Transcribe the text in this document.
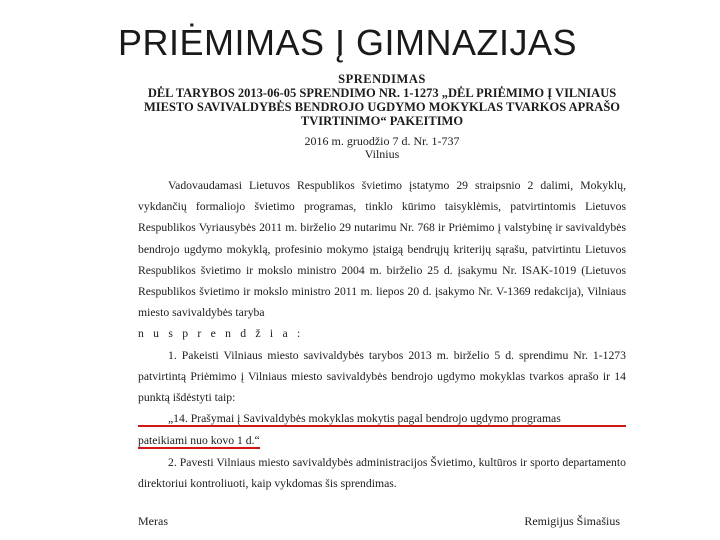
PRIĖMIMAS Į GIMNAZIJAS
SPRENDIMAS
DĖL TARYBOS 2013-06-05 SPRENDIMO NR. 1-1273 „DĖL PRIĖMIMO Į VILNIAUS
MIESTO SAVIVALDYBĖS BENDROJO UGDYMO MOKYKLAS TVARKOS APRAŠO
TVIRTINIMO“ PAKEITIMO
2016 m. gruodžio 7 d. Nr. 1-737
Vilnius

Vadovaudamasi Lietuvos Respublikos švietimo įstatymo 29 straipsnio 2 dalimi, Mokyklų, vykdančių formaliojo švietimo programas, tinklo kūrimo taisyklėmis, patvirtintomis Lietuvos Respublikos Vyriausybės 2011 m. birželio 29 nutarimu Nr. 768 ir Priėmimo į valstybinę ir savivaldybės bendrojo ugdymo mokyklą, profesinio mokymo įstaigą bendrųjų kriterijų sąrašu, patvirtintu Lietuvos Respublikos švietimo ir mokslo ministro 2004 m. birželio 25 d. įsakymu Nr. ISAK-1019 (Lietuvos Respublikos švietimo ir mokslo ministro 2011 m. liepos 20 d. įsakymo Nr. V-1369 redakcija), Vilniaus miesto savivaldybės taryba

n u s p r e n d ž i a :

1. Pakeisti Vilniaus miesto savivaldybės tarybos 2013 m. birželio 5 d. sprendimu Nr. 1-1273 patvirtintą Priėmimo į Vilniaus miesto savivaldybės bendrojo ugdymo mokyklas tvarkos aprašo ir 14 punktą išdėstyti taip:

„14. Prašymai į Savivaldybės mokyklas mokytis pagal bendrojo ugdymo programas

pateikiami nuo kovo 1 d.“

2. Pavesti Vilniaus miesto savivaldybės administracijos Švietimo, kultūros ir sporto departamento direktoriui kontroliuoti, kaip vykdomas šis sprendimas.

Meras	Remigijus Šimašius
